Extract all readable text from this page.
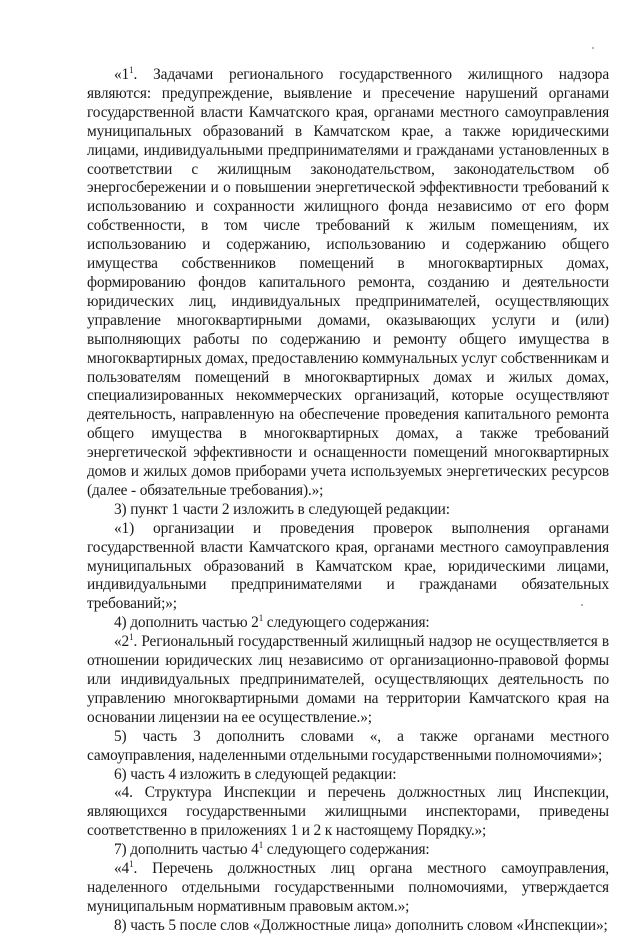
«$1^1$. Задачами регионального государственного жилищного надзора являются: предупреждение, выявление и пресечение нарушений органами государственной власти Камчатского края, органами местного самоуправления муниципальных образований в Камчатском крае, а также юридическими лицами, индивидуальными предпринимателями и гражданами установленных в соответствии с жилищным законодательством, законодательством об энергосбережении и о повышении энергетической эффективности требований к использованию и сохранности жилищного фонда независимо от его форм собственности, в том числе требований к жилым помещениям, их использованию и содержанию, использованию и содержанию общего имущества собственников помещений в многоквартирных домах, формированию фондов капитального ремонта, созданию и деятельности юридических лиц, индивидуальных предпринимателей, осуществляющих управление многоквартирными домами, оказывающих услуги и (или) выполняющих работы по содержанию и ремонту общего имущества в многоквартирных домах, предоставлению коммунальных услуг собственникам и пользователям помещений в многоквартирных домах и жилых домах, специализированных некоммерческих организаций, которые осуществляют деятельность, направленную на обеспечение проведения капитального ремонта общего имущества в многоквартирных домах, а также требований энергетической эффективности и оснащенности помещений многоквартирных домов и жилых домов приборами учета используемых энергетических ресурсов (далее - обязательные требования).»;

3) пункт 1 части 2 изложить в следующей редакции:

«1) организации и проведения проверок выполнения органами государственной власти Камчатского края, органами местного самоуправления муниципальных образований в Камчатском крае, юридическими лицами, индивидуальными предпринимателями и гражданами обязательных требований;»;

4) дополнить частью $2^1$ следующего содержания:

«$2^1$. Региональный государственный жилищный надзор не осуществляется в отношении юридических лиц независимо от организационно-правовой формы или индивидуальных предпринимателей, осуществляющих деятельность по управлению многоквартирными домами на территории Камчатского края на основании лицензии на ее осуществление.»;

5) часть 3 дополнить словами «, а также органами местного самоуправления, наделенными отдельными государственными полномочиями»;

6) часть 4 изложить в следующей редакции:

«4. Структура Инспекции и перечень должностных лиц Инспекции, являющихся государственными жилищными инспекторами, приведены соответственно в приложениях 1 и 2 к настоящему Порядку.»;

7) дополнить частью $4^1$ следующего содержания:

«$4^1$. Перечень должностных лиц органа местного самоуправления, наделенного отдельными государственными полномочиями, утверждается муниципальным нормативным правовым актом.»;

8) часть 5 после слов «Должностные лица» дополнить словом «Инспекции»;
